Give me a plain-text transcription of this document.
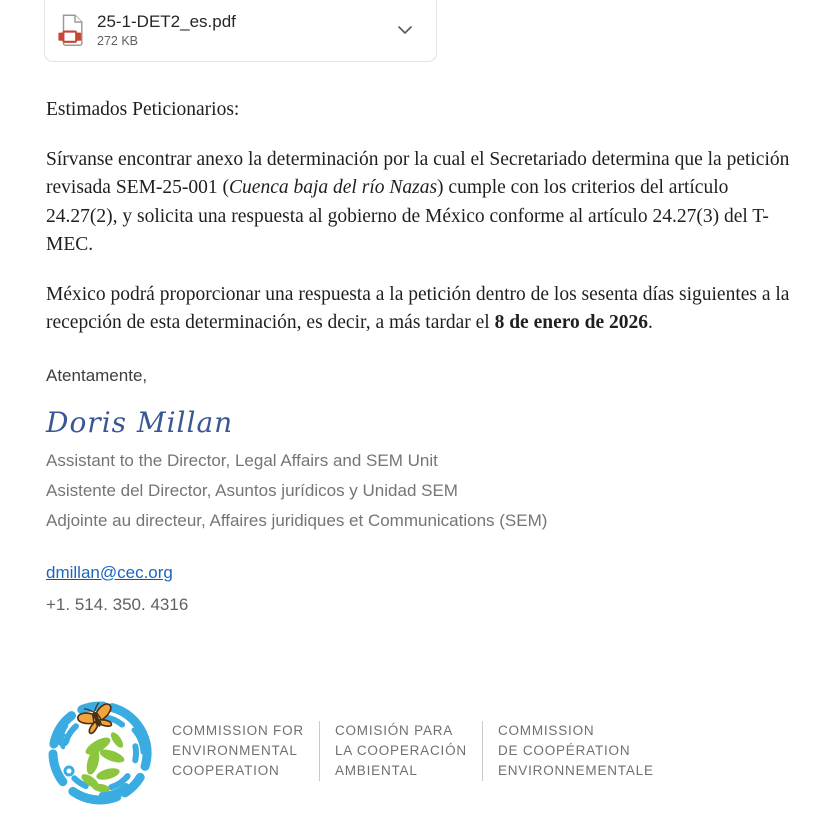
25-1-DET2_es.pdf
272 KB

Estimados Peticionarios:

Sírvanse encontrar anexo la determinación por la cual el Secretariado determina que la petición revisada SEM-25-001 (Cuenca baja del río Nazas) cumple con los criterios del artículo 24.27(2), y solicita una respuesta al gobierno de México conforme al artículo 24.27(3) del T-MEC.

México podrá proporcionar una respuesta a la petición dentro de los sesenta días siguientes a la recepción de esta determinación, es decir, a más tardar el 8 de enero de 2026.

Atentamente,
Doris Millan
Assistant to the Director, Legal Affairs and SEM Unit
Asistente del Director, Asuntos jurídicos y Unidad SEM
Adjointe au directeur, Affaires juridiques et Communications (SEM)
dmillan@cec.org
+1. 514. 350. 4316
COMMISSION FOR
ENVIRONMENTAL
COOPERATION
COMISIÓN PARA
LA COOPERACIÓN
AMBIENTAL
COMMISSION
DE COOPÉRATION
ENVIRONNEMENTALE
